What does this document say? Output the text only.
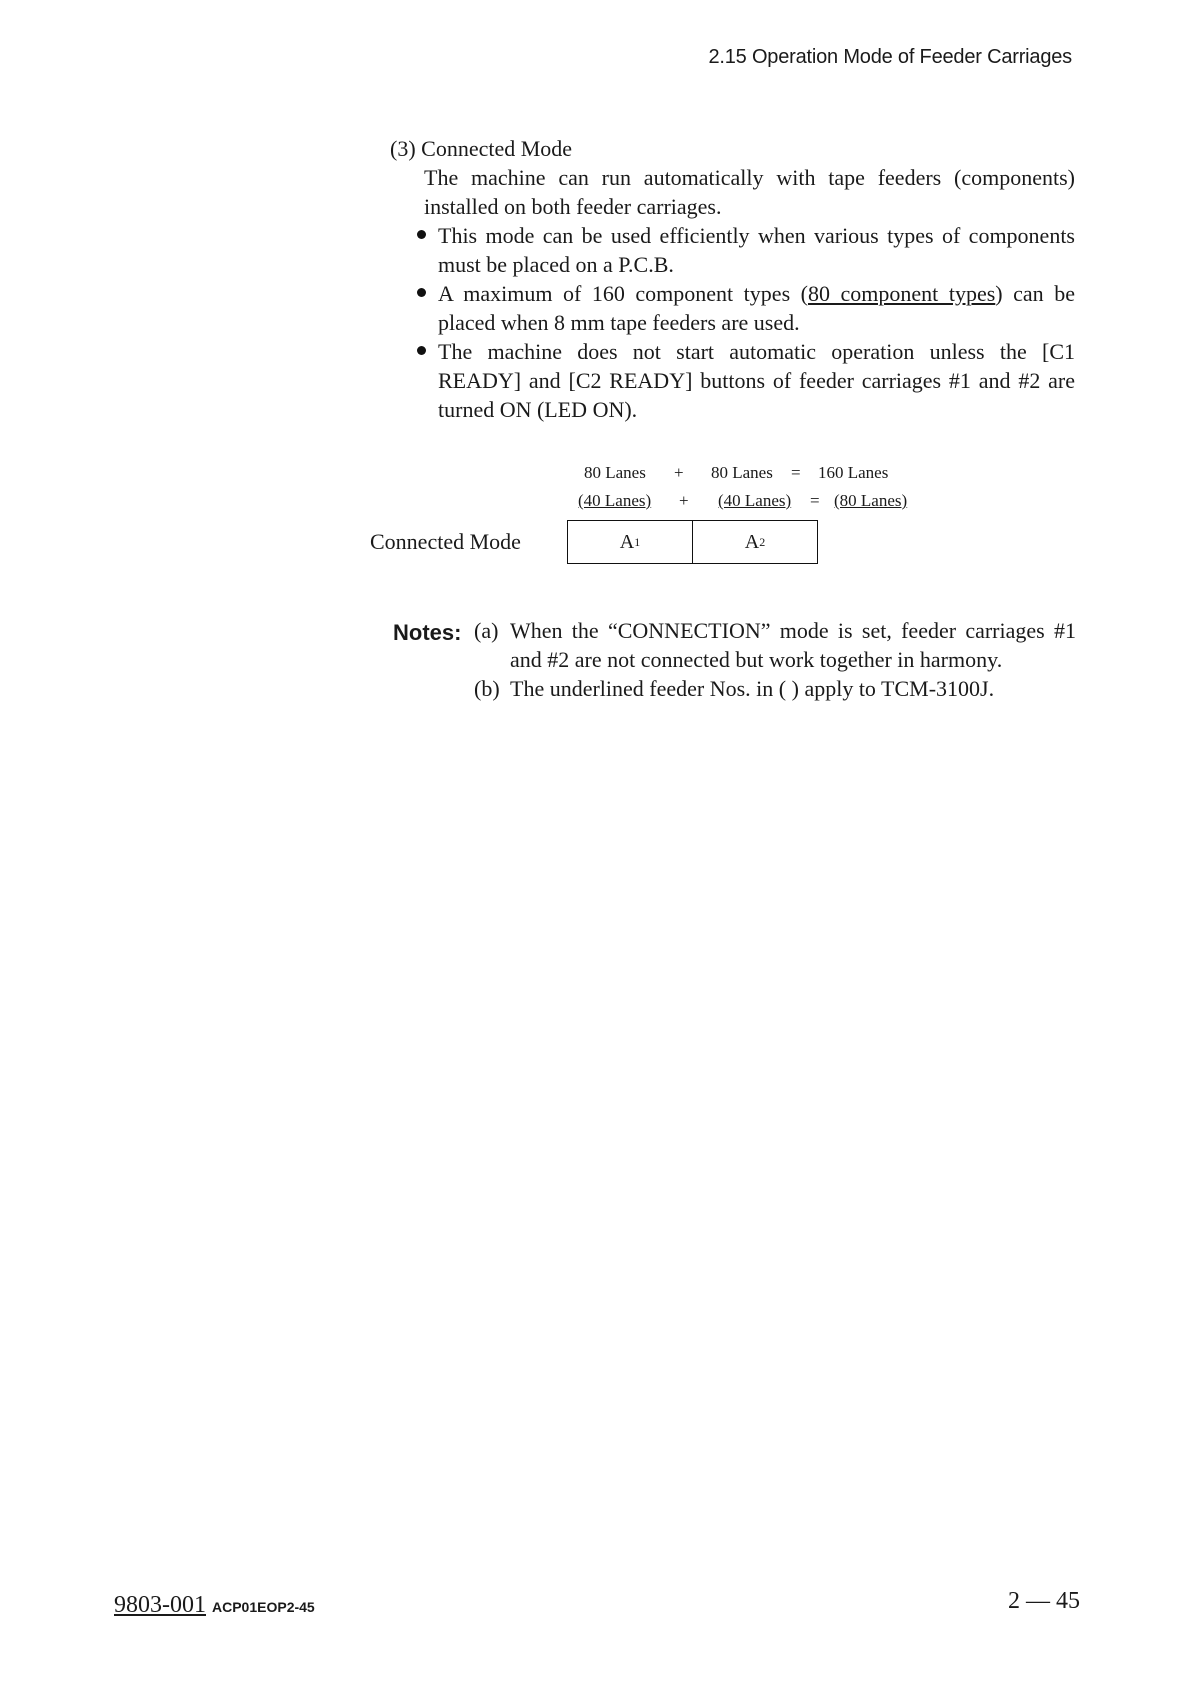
2.15 Operation Mode of Feeder Carriages

(3) Connected Mode

The machine can run automatically with tape feeders (components) installed on both feeder carriages.

This mode can be used efficiently when various types of components must be placed on a P.C.B.
A maximum of 160 component types (80 component types) can be placed when 8 mm tape feeders are used.
The machine does not start automatic operation unless the [C1 READY] and [C2 READY] buttons of feeder carriages #1 and #2 are turned ON (LED ON).
80 Lanes + 80 Lanes = 160 Lanes
(40 Lanes) + (40 Lanes) = (80 Lanes)
Connected Mode	A 1	A 2
Notes: (a) When the “CONNECTION” mode is set, feeder carriages #1 and #2 are not connected but work together in harmony.
(b) The underlined feeder Nos. in ( ) apply to TCM-3100J.
9803-001 ACP01EOP2-45	2 — 45
